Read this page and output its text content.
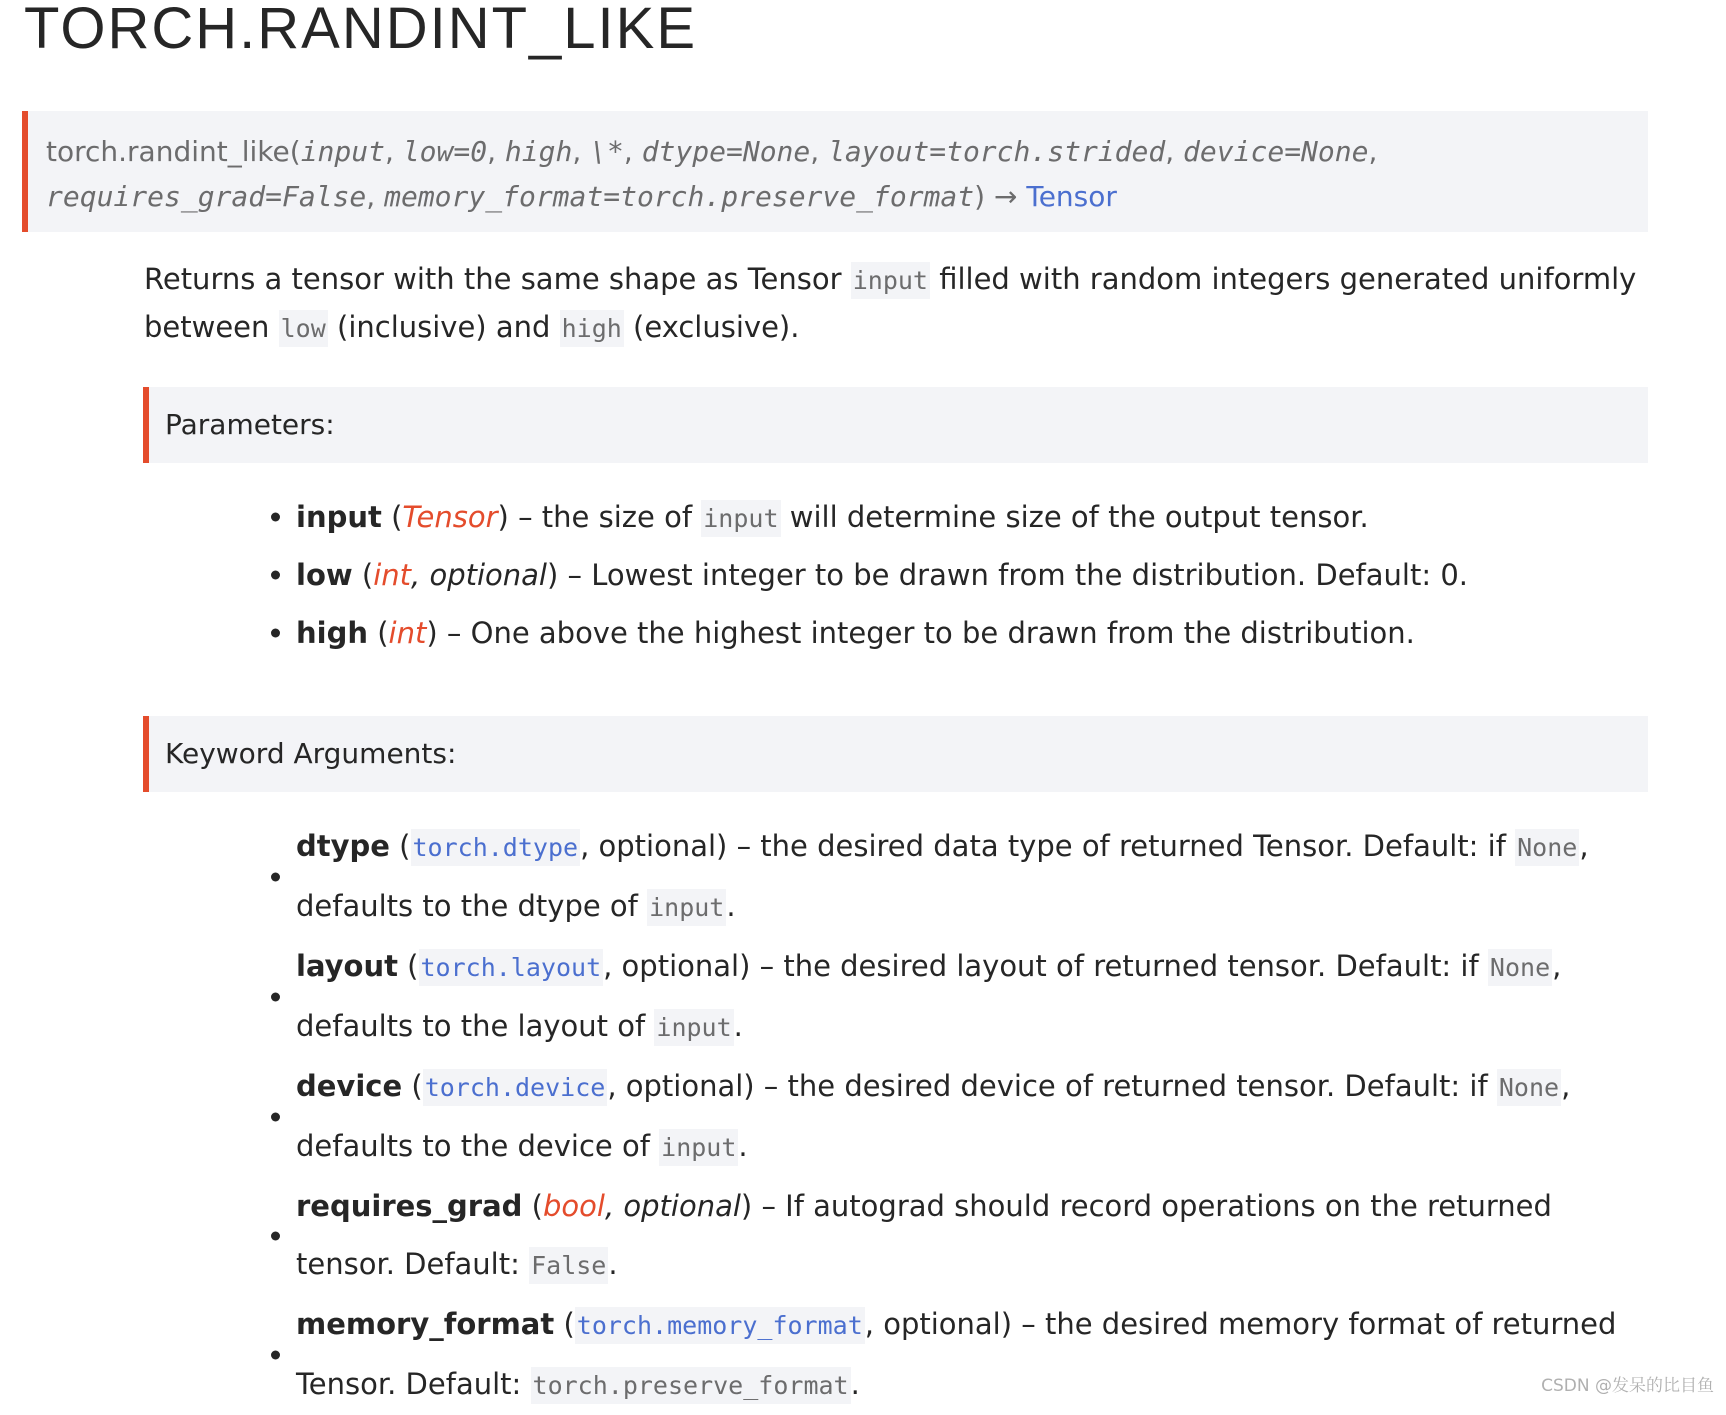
TORCH.RANDINT_LIKE
torch.randint_like(input, low=0, high, \*, dtype=None, layout=torch.strided, device=None,
requires_grad=False, memory_format=torch.preserve_format) → Tensor
Returns a tensor with the same shape as Tensor input filled with random integers generated uniformly between low (inclusive) and high (exclusive).
Parameters:
input (Tensor) – the size of input will determine size of the output tensor.
low (int, optional) – Lowest integer to be drawn from the distribution. Default: 0.
high (int) – One above the highest integer to be drawn from the distribution.
Keyword Arguments:
dtype (torch.dtype, optional) – the desired data type of returned Tensor. Default: if None, defaults to the dtype of input.
layout (torch.layout, optional) – the desired layout of returned tensor. Default: if None, defaults to the layout of input.
device (torch.device, optional) – the desired device of returned tensor. Default: if None, defaults to the device of input.
requires_grad (bool, optional) – If autograd should record operations on the returned tensor. Default: False.
memory_format (torch.memory_format, optional) – the desired memory format of returned Tensor. Default: torch.preserve_format.	CSDN @发呆的比目鱼
